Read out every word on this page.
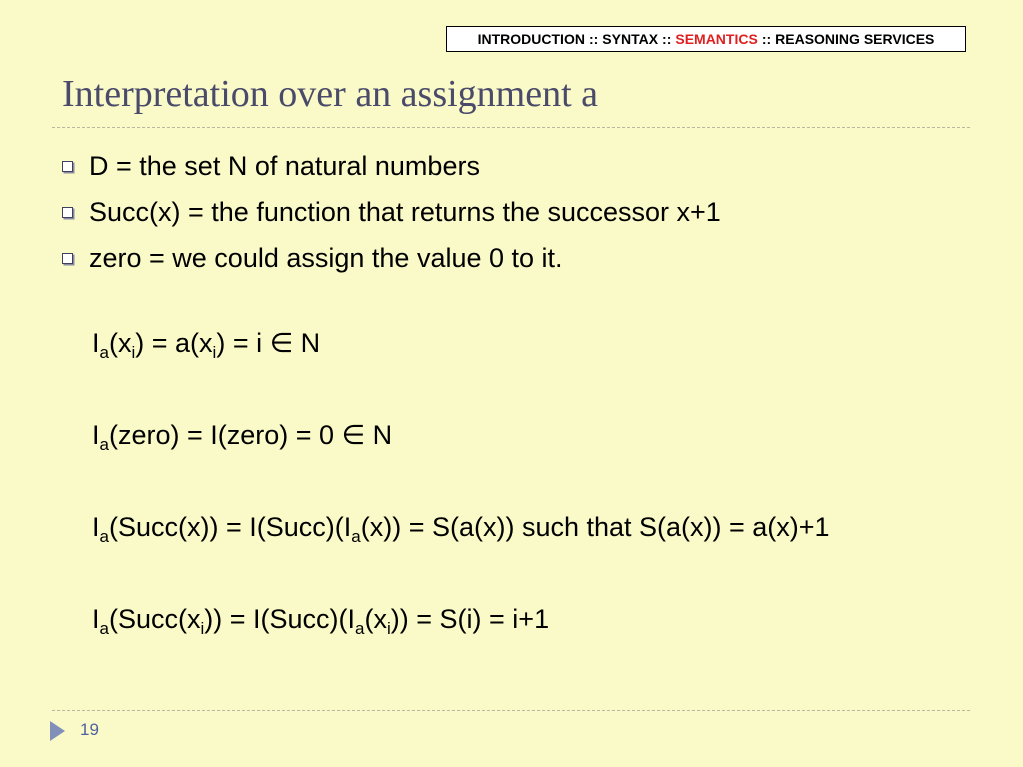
INTRODUCTION :: SYNTAX :: SEMANTICS :: REASONING SERVICES
Interpretation over an assignment a
D = the set N of natural numbers
Succ(x) = the function that returns the successor x+1
zero = we could assign the value 0 to it.
$I_a(x_i) = a(x_i) = i$ ∈ N
$I_a(zero)$ = I(zero) = 0 ∈ N
$I_a(Succ(x))$ = $I(Succ)(I_a(x)) = S(a(x))$ such that S(a(x)) = a(x)+1
$I_a(Succ(x_i))$ = $I(Succ)(I_a(x_i)) = S(i) = i+1$
19
